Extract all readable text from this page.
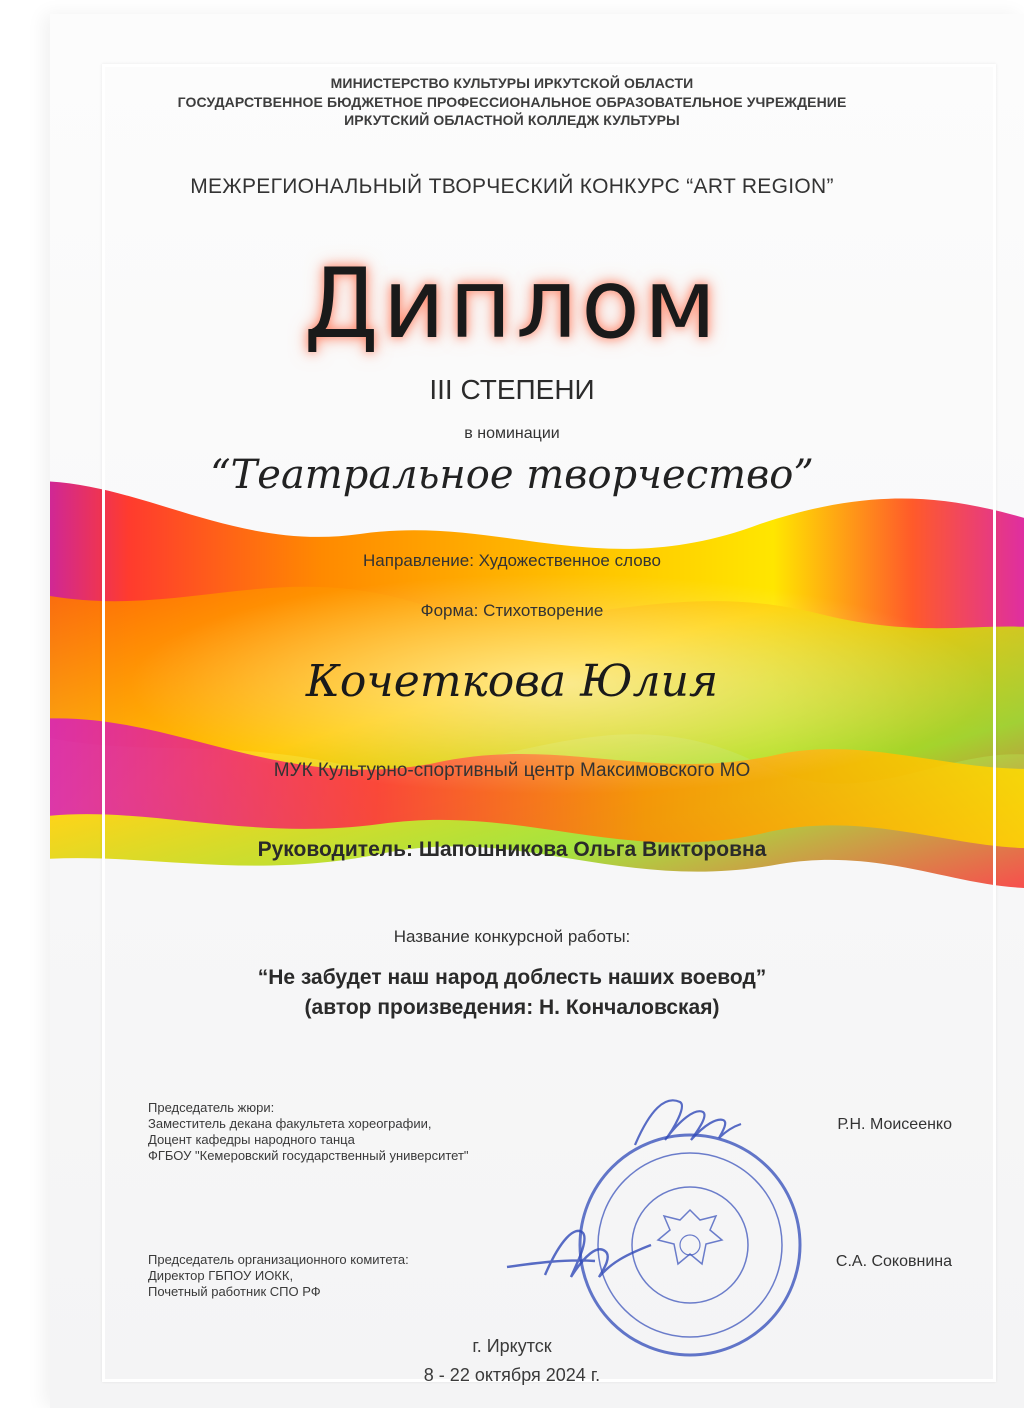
МИНИСТЕРСТВО КУЛЬТУРЫ ИРКУТСКОЙ ОБЛАСТИ
ГОСУДАРСТВЕННОЕ БЮДЖЕТНОЕ ПРОФЕССИОНАЛЬНОЕ ОБРАЗОВАТЕЛЬНОЕ УЧРЕЖДЕНИЕ
ИРКУТСКИЙ ОБЛАСТНОЙ КОЛЛЕДЖ КУЛЬТУРЫ
МЕЖРЕГИОНАЛЬНЫЙ ТВОРЧЕСКИЙ КОНКУРС “ART REGION”
Диплом
III СТЕПЕНИ
в номинации
“Театральное творчество”
Направление: Художественное слово
Форма: Стихотворение
Кочеткова Юлия
МУК Культурно-спортивный центр Максимовского МО
Руководитель: Шапошникова Ольга Викторовна
Название конкурсной работы:
“Не забудет наш народ доблесть наших воевод”
(автор произведения: Н. Кончаловская)
Председатель жюри:
Заместитель декана факультета хореографии,
Доцент кафедры народного танца
ФГБОУ "Кемеровский государственный университет"
Р.Н. Моисеенко
Председатель организационного комитета:
Директор ГБПОУ ИОКК,
Почетный работник СПО РФ
С.А. Соковнина
г. Иркутск
8 - 22 октября 2024 г.
